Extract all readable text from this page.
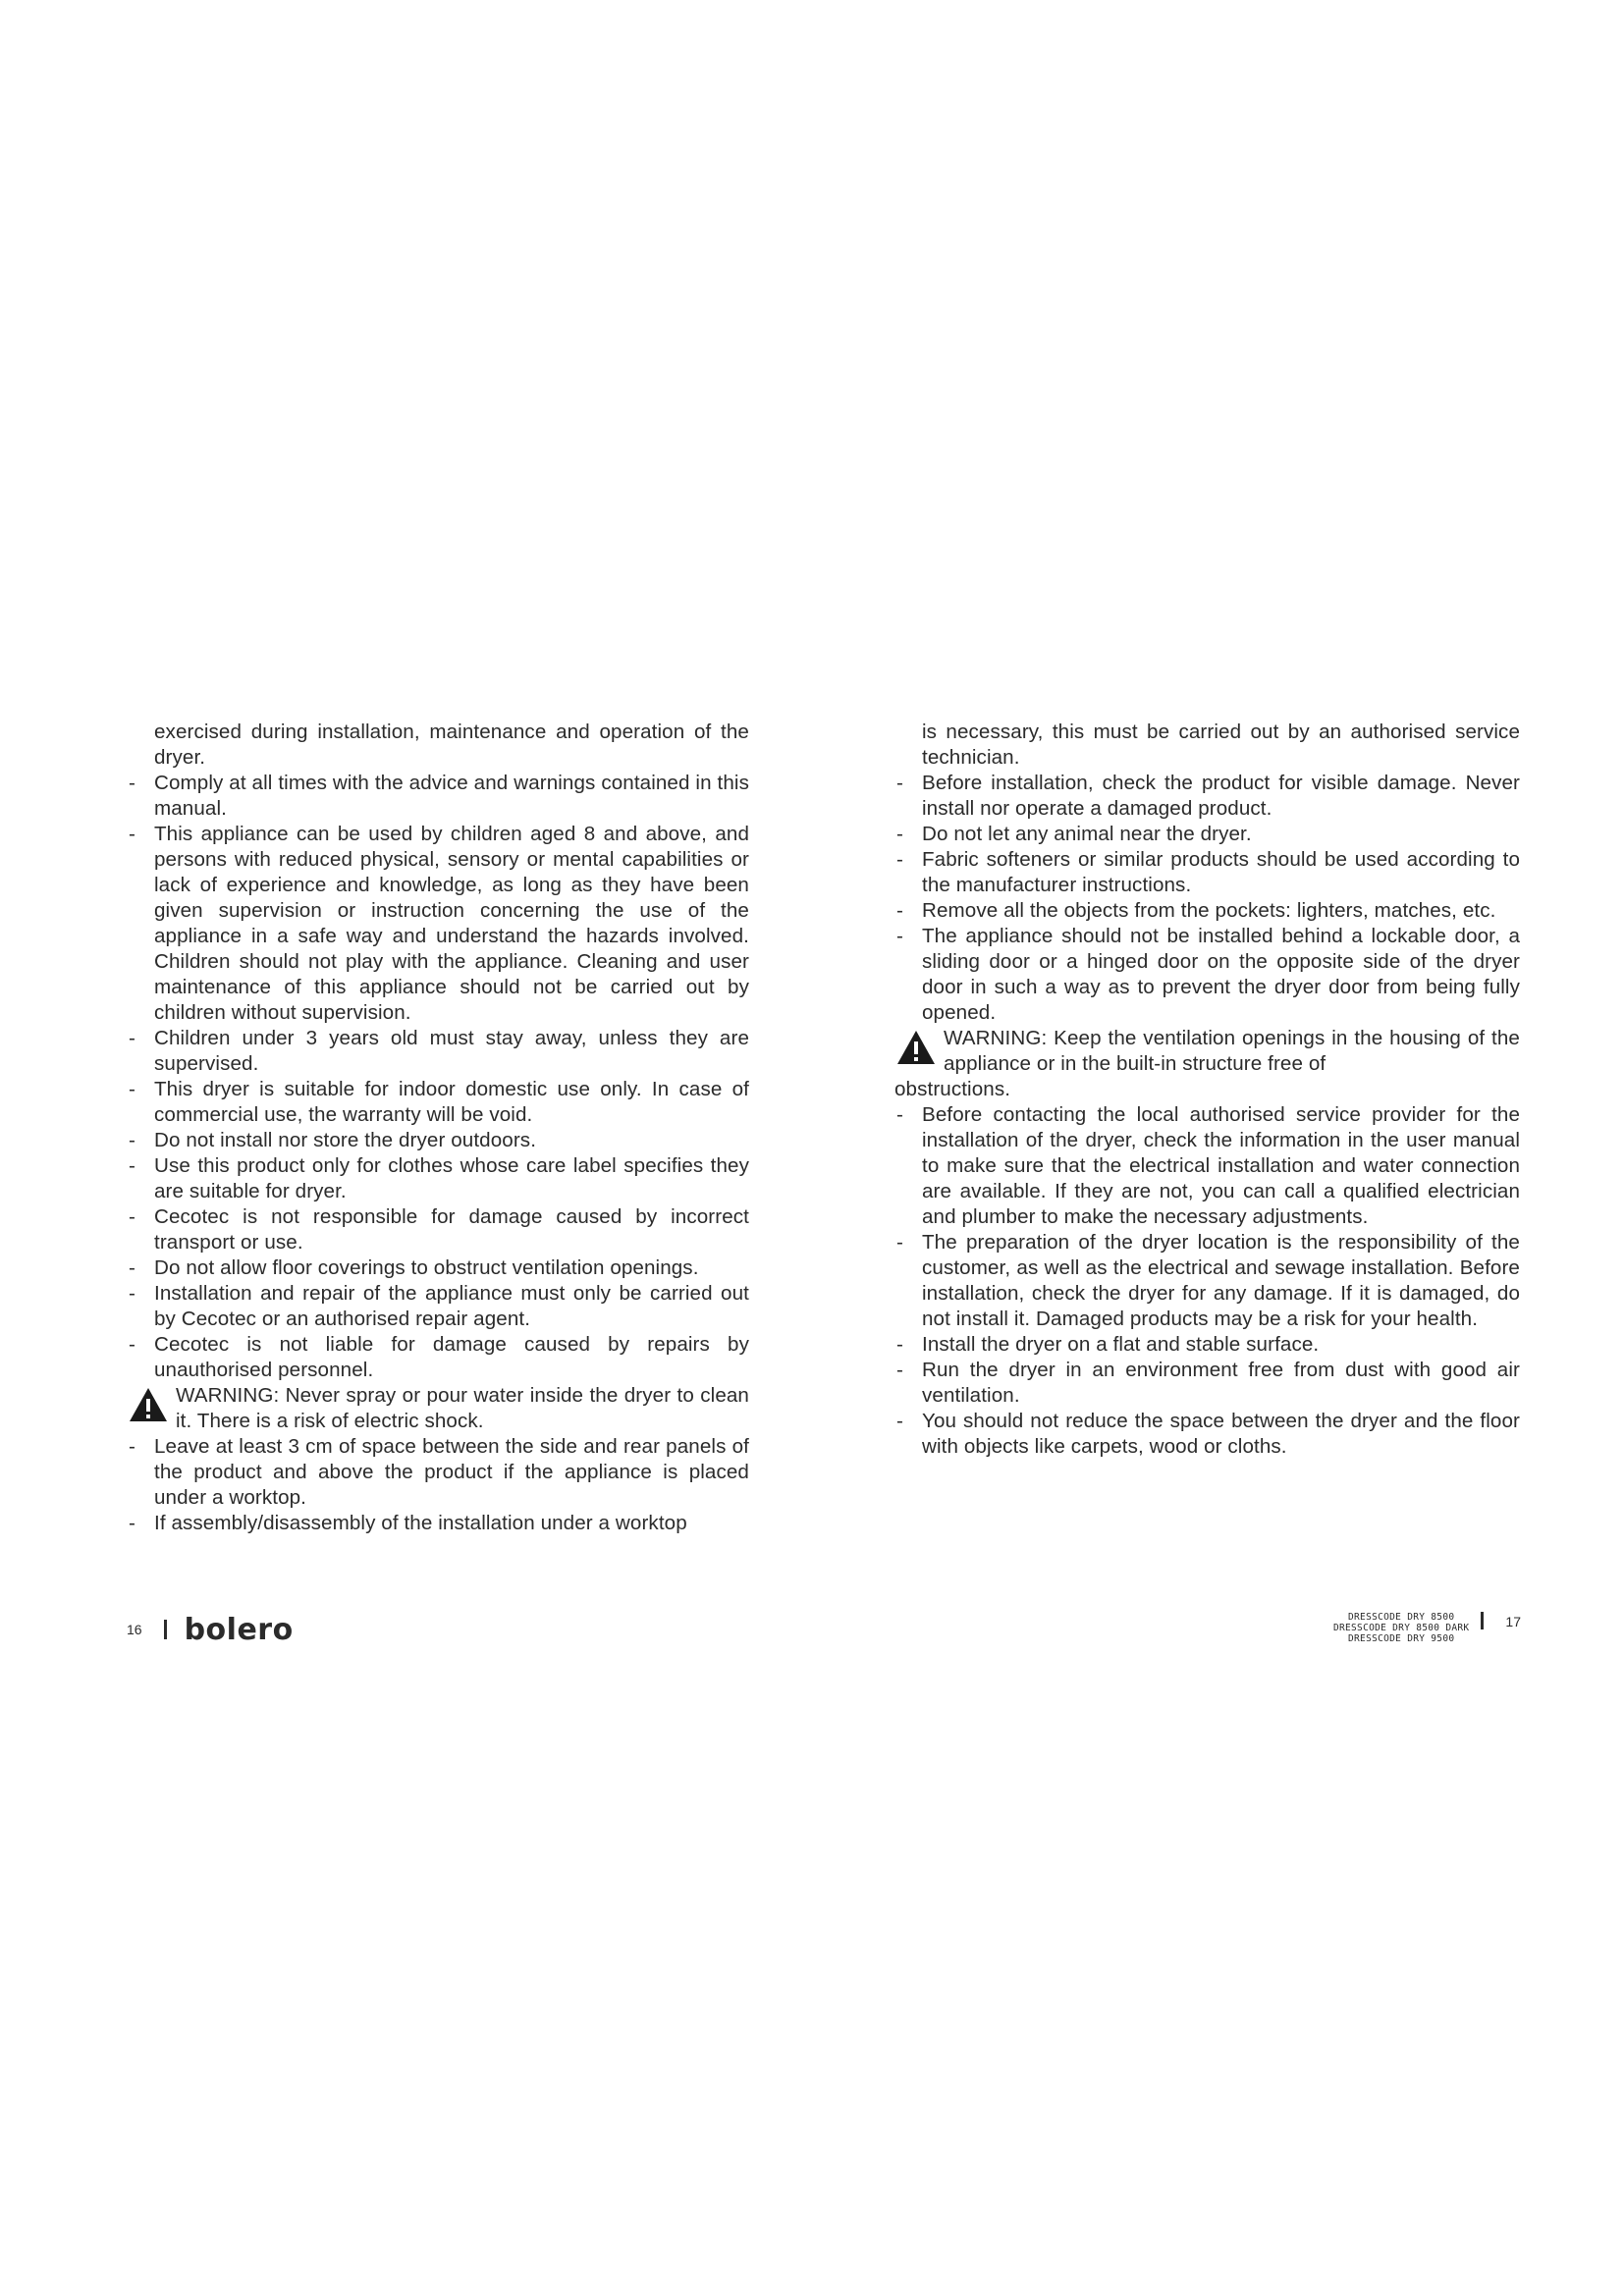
exercised during installation, maintenance and operation of the dryer.

- Comply at all times with the advice and warnings contained in this manual.

- This appliance can be used by children aged 8 and above, and persons with reduced physical, sensory or mental capabilities or lack of experience and knowledge, as long as they have been given supervision or instruction concerning the use of the appliance in a safe way and understand the hazards involved. Children should not play with the appliance. Cleaning and user maintenance of this appliance should not be carried out by children without supervision.

- Children under 3 years old must stay away, unless they are supervised.

- This dryer is suitable for indoor domestic use only. In case of commercial use, the warranty will be void.

- Do not install nor store the dryer outdoors.

- Use this product only for clothes whose care label specifies they are suitable for dryer.

- Cecotec is not responsible for damage caused by incorrect transport or use.

- Do not allow floor coverings to obstruct ventilation openings.

- Installation and repair of the appliance must only be carried out by Cecotec or an authorised repair agent.

- Cecotec is not liable for damage caused by repairs by unauthorised personnel.

WARNING: Never spray or pour water inside the dryer to clean it. There is a risk of electric shock.

- Leave at least 3 cm of space between the side and rear panels of the product and above the product if the appliance is placed under a worktop.

- If assembly/disassembly of the installation under a worktop

is necessary, this must be carried out by an authorised service technician.

- Before installation, check the product for visible damage. Never install nor operate a damaged product.

- Do not let any animal near the dryer.

- Fabric softeners or similar products should be used according to the manufacturer instructions.

- Remove all the objects from the pockets: lighters, matches, etc.

- The appliance should not be installed behind a lockable door, a sliding door or a hinged door on the opposite side of the dryer door in such a way as to prevent the dryer door from being fully opened.

WARNING: Keep the ventilation openings in the housing of the appliance or in the built-in structure free of

obstructions.

- Before contacting the local authorised service provider for the installation of the dryer, check the information in the user manual to make sure that the electrical installation and water connection are available. If they are not, you can call a qualified electrician and plumber to make the necessary adjustments.

- The preparation of the dryer location is the responsibility of the customer, as well as the electrical and sewage installation. Before installation, check the dryer for any damage. If it is damaged, do not install it. Damaged products may be a risk for your health.

- Install the dryer on a flat and stable surface.

- Run the dryer in an environment free from dust with good air ventilation.

- You should not reduce the space between the dryer and the floor with objects like carpets, wood or cloths.

16 bolero	DRESSCODE DRY 8500
DRESSCODE DRY 8500 DARK
DRESSCODE DRY 9500
17
